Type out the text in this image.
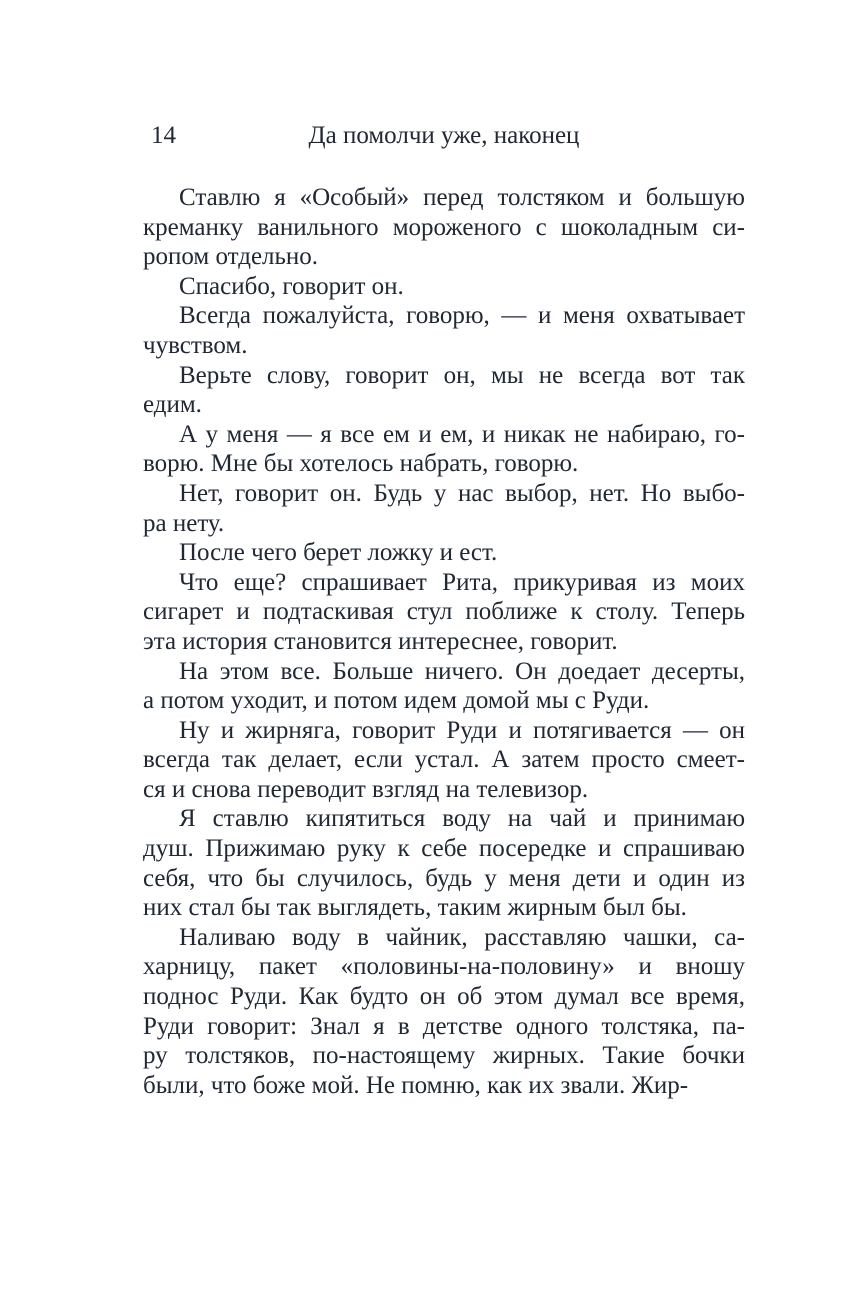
14	Да помолчи уже, наконец
Ставлю я «Особый» перед толстяком и большую
креманку ванильного мороженого с шоколадным си-
ропом отдельно.
Спасибо, говорит он.
Всегда пожалуйста, говорю, — и меня охватывает
чувством.
Верьте слову, говорит он, мы не всегда вот так
едим.
А у меня — я все ем и ем, и никак не набираю, го-
ворю. Мне бы хотелось набрать, говорю.
Нет, говорит он. Будь у нас выбор, нет. Но выбо-
ра нету.
После чего берет ложку и ест.
Что еще? спрашивает Рита, прикуривая из моих
сигарет и подтаскивая стул поближе к столу. Теперь
эта история становится интереснее, говорит.
На этом все. Больше ничего. Он доедает десерты,
а потом уходит, и потом идем домой мы с Руди.
Ну и жирняга, говорит Руди и потягивается — он
всегда так делает, если устал. А затем просто смеет-
ся и снова переводит взгляд на телевизор.
Я ставлю кипятиться воду на чай и принимаю
душ. Прижимаю руку к себе посередке и спрашиваю
себя, что бы случилось, будь у меня дети и один из
них стал бы так выглядеть, таким жирным был бы.
Наливаю воду в чайник, расставляю чашки, са-
харницу, пакет «половины-на-половину» и вношу
поднос Руди. Как будто он об этом думал все время,
Руди говорит: Знал я в детстве одного толстяка, па-
ру толстяков, по-настоящему жирных. Такие бочки
были, что боже мой. Не помню, как их звали. Жир-
